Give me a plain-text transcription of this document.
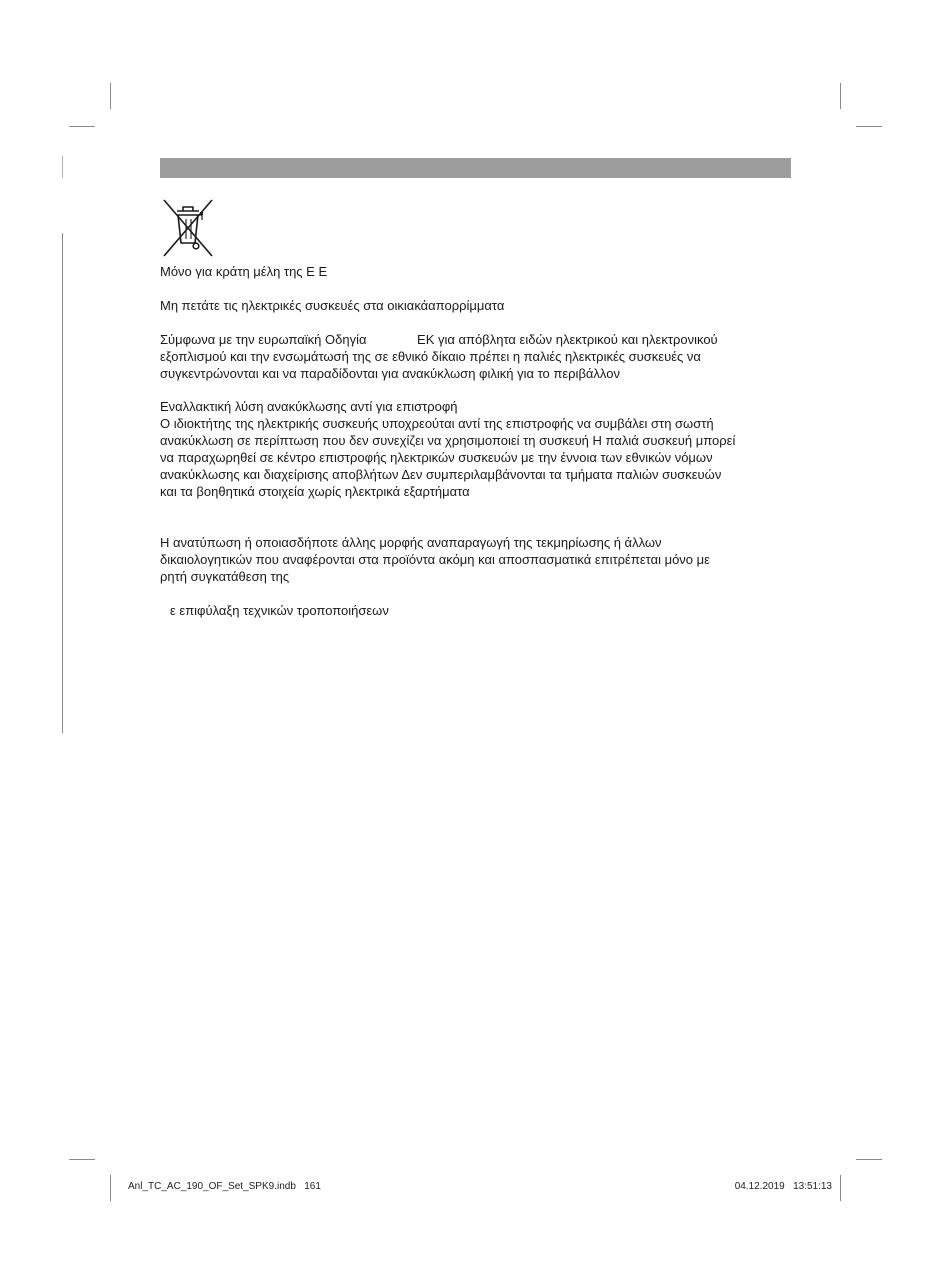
Μόνο για κράτη μέλη της Ε Ε

Μη πετάτε τις ηλεκτρικές συσκευές στα οικιακάαπορρίμματα

Σύμφωνα με την ευρωπαϊκή Οδηγία              ΕΚ για απόβλητα ειδών ηλεκτρικού και ηλεκτρονικού

εξοπλισμού και την ενσωμάτωσή της σε εθνικό δίκαιο πρέπει η παλιές ηλεκτρικές συσκευές να

συγκεντρώνονται και να παραδίδονται για ανακύκλωση φιλική για το περιβάλλον

Εναλλακτική λύση ανακύκλωσης αντί για επιστροφή

Ο ιδιοκτήτης της ηλεκτρικής συσκευής υποχρεούται αντί της επιστροφής να συμβάλει στη σωστή

ανακύκλωση σε περίπτωση που δεν συνεχίζει να χρησιμοποιεί τη συσκευή Η παλιά συσκευή μπορεί

να παραχωρηθεί σε κέντρο επιστροφής ηλεκτρικών συσκευών με την έννοια των εθνικών νόμων

ανακύκλωσης και διαχείρισης αποβλήτων Δεν συμπεριλαμβάνονται τα τμήματα παλιών συσκευών

και τα βοηθητικά στοιχεία χωρίς ηλεκτρικά εξαρτήματα

Η ανατύπωση ή οποιασδήποτε άλλης μορφής αναπαραγωγή της τεκμηρίωσης ή άλλων

δικαιολογητικών που αναφέρονται στα προϊόντα ακόμη και αποσπασματικά επιτρέπεται μόνο με

ρητή συγκατάθεση της

ε επιφύλαξη τεχνικών τροποποιήσεων

Anl_TC_AC_190_OF_Set_SPK9.indb   161	04.12.2019   13:51:13
